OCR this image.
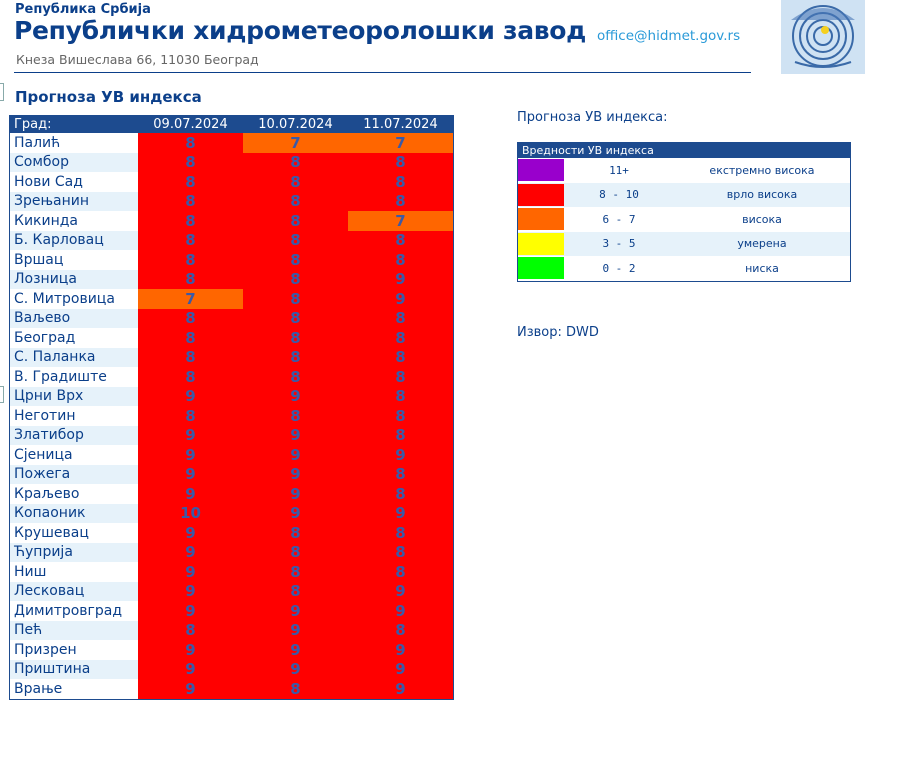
Република Србија
Републички хидрометеоролошки завод
Кнеза Вишеслава 66, 11030 Београд
office@hidmet.gov.rs
Прогноза УВ индекса
Град:	09.07.2024	10.07.2024	11.07.2024
Палић	8	7	7
Сомбор	8	8	8
Нови Сад	8	8	8
Зрењанин	8	8	8
Кикинда	8	8	7
Б. Карловац	8	8	8
Вршац	8	8	8
Лозница	8	8	9
С. Митровица	7	8	9
Ваљево	8	8	8
Београд	8	8	8
С. Паланка	8	8	8
В. Градиште	8	8	8
Црни Врх	9	9	8
Неготин	8	8	8
Златибор	9	9	8
Сјеница	9	9	9
Пожега	9	9	8
Краљево	9	9	8
Копаоник	10	9	9
Крушевац	9	8	8
Ћуприја	9	8	8
Ниш	9	8	8
Лесковац	9	8	9
Димитровград	9	9	9
Пећ	8	9	8
Призрен	9	9	9
Приштина	9	9	9
Врање	9	8	9
Прогноза УВ индекса:
Вредности УВ индекса		

	11+	екстремно висока

	8 - 10	врло висока

	6 - 7	висока

	3 - 5	умерена

	0 - 2	ниска
Извор: DWD
